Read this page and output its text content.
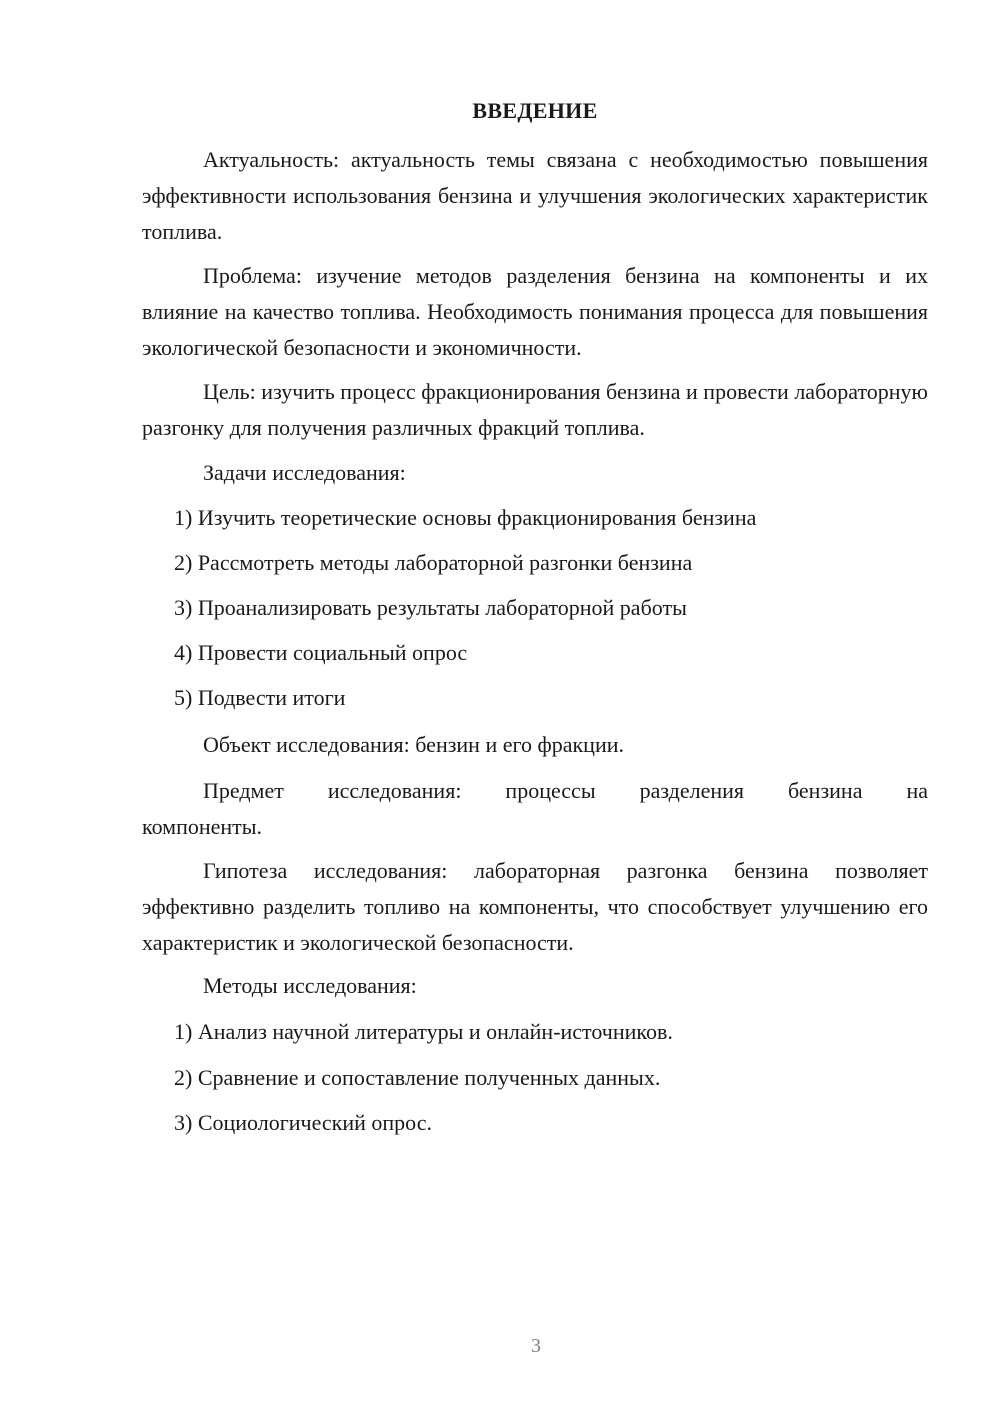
ВВЕДЕНИЕ

Актуальность: актуальность темы связана с необходимостью повышения эффективности использования бензина и улучшения экологических характеристик топлива.

Проблема: изучение методов разделения бензина на компоненты и их влияние на качество топлива. Необходимость понимания процесса для повышения экологической безопасности и экономичности.

Цель: изучить процесс фракционирования бензина и провести лабораторную разгонку для получения различных фракций топлива.

Задачи исследования:

1) Изучить теоретические основы фракционирования бензина

2) Рассмотреть методы лабораторной разгонки бензина

3) Проанализировать результаты лабораторной работы

4) Провести социальный опрос

5) Подвести итоги

Объект исследования: бензин и его фракции.

Предмет исследования: процессы разделения бензина на

компоненты.

Гипотеза исследования: лабораторная разгонка бензина позволяет эффективно разделить топливо на компоненты, что способствует улучшению его характеристик и экологической безопасности.

Методы исследования:

1) Анализ научной литературы и онлайн-источников.

2) Сравнение и сопоставление полученных данных.

3) Социологический опрос.

3
